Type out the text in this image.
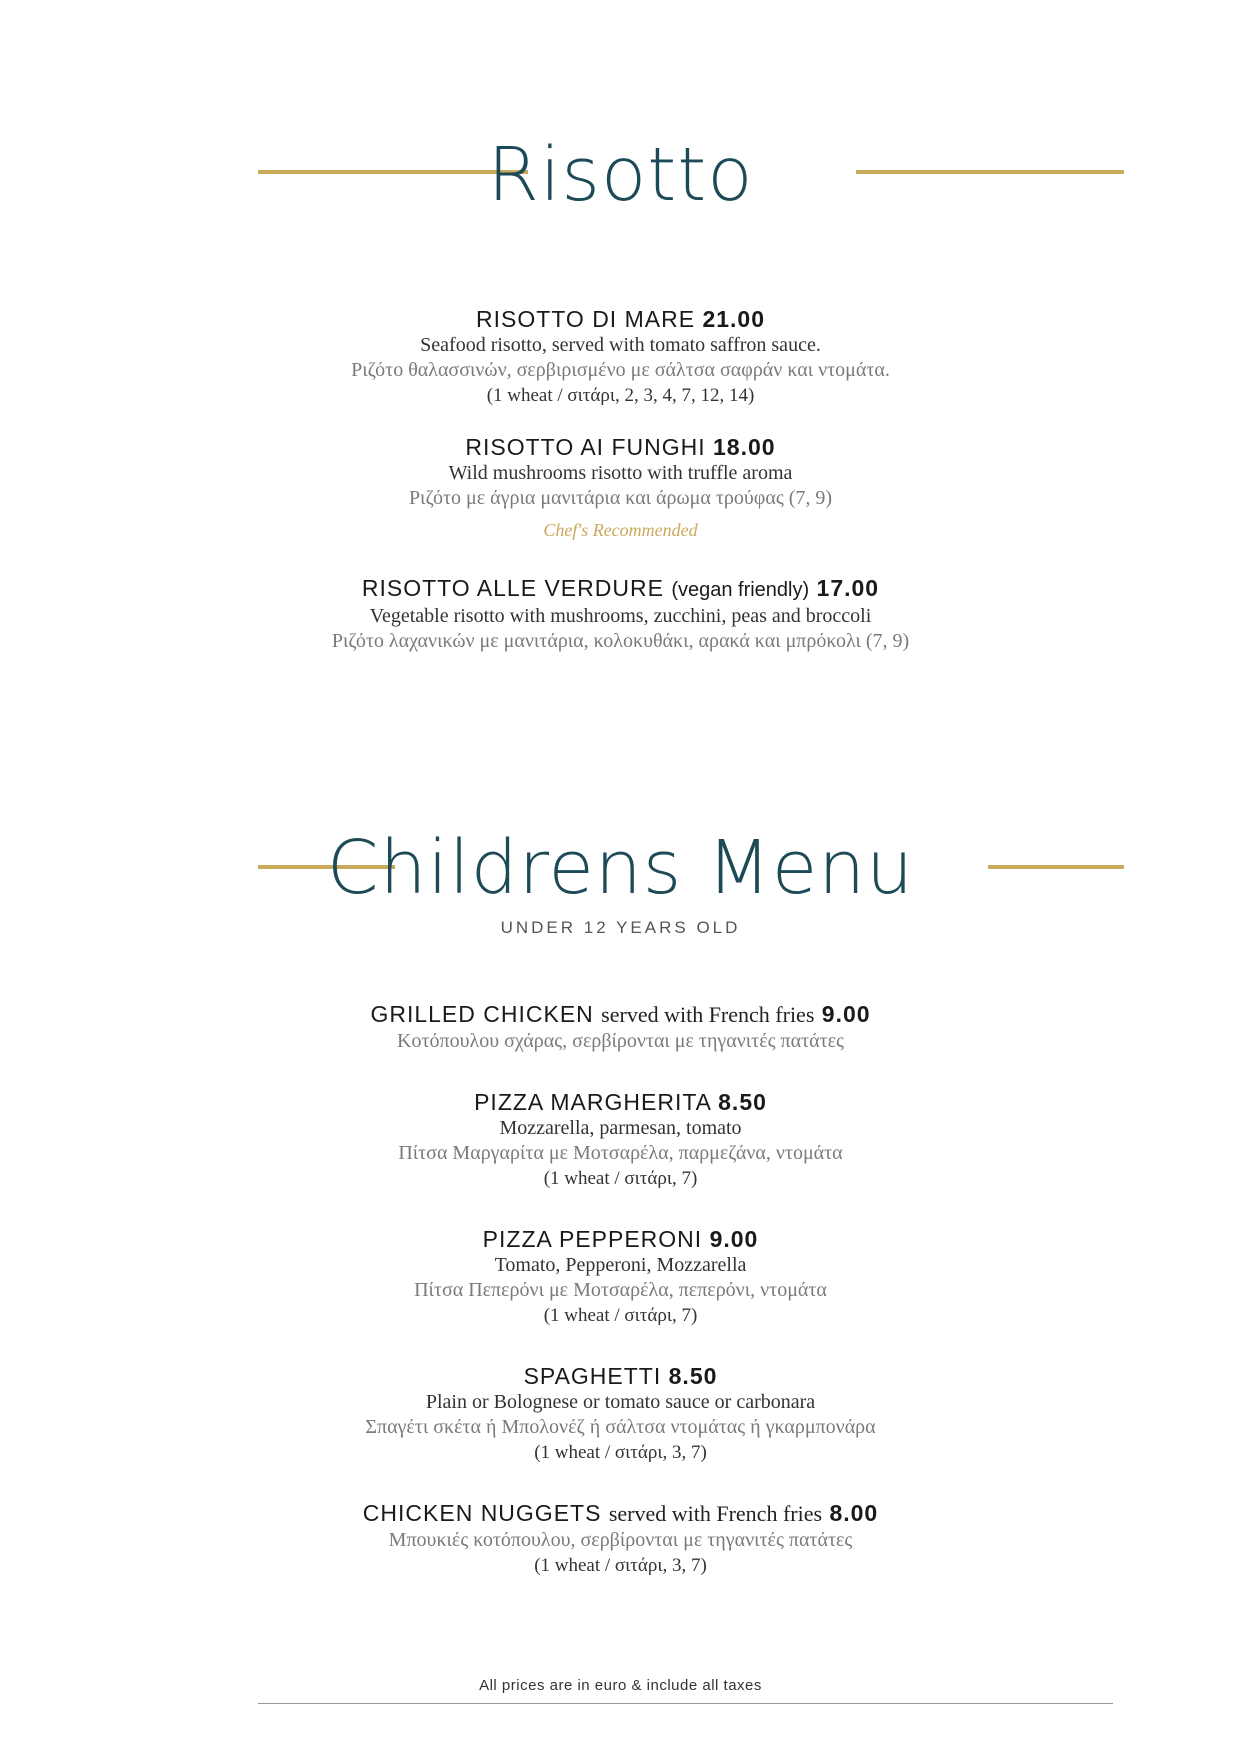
Risotto
RISOTTO DI MARE 21.00
Seafood risotto, served with tomato saffron sauce.
Ριζότο θαλασσινών, σερβιρισμένο με σάλτσα σαφράν και ντομάτα.
(1 wheat / σιτάρι, 2, 3, 4, 7, 12, 14)
RISOTTO AI FUNGHI 18.00
Wild mushrooms risotto with truffle aroma
Ριζότο με άγρια μανιτάρια και άρωμα τρούφας (7, 9)
Chef's Recommended
RISOTTO ALLE VERDURE (vegan friendly) 17.00
Vegetable risotto with mushrooms, zucchini, peas and broccoli
Ριζότο λαχανικών με μανιτάρια, κολοκυθάκι, αρακά και μπρόκολι (7, 9)
Childrens Menu
UNDER 12 YEARS OLD
GRILLED CHICKEN served with French fries 9.00
Κοτόπουλου σχάρας, σερβίρονται με τηγανιτές πατάτες
PIZZA MARGHERITA 8.50
Mozzarella, parmesan, tomato
Πίτσα Μαργαρίτα με Μοτσαρέλα, παρμεζάνα, ντομάτα
(1 wheat / σιτάρι, 7)
PIZZA PEPPERONI 9.00
Tomato, Pepperoni, Mozzarella
Πίτσα Πεπερόνι με Μοτσαρέλα, πεπερόνι, ντομάτα
(1 wheat / σιτάρι, 7)
SPAGHETTI 8.50
Plain or Bolognese or tomato sauce or carbonara
Σπαγέτι σκέτα ή Μπολονέζ ή σάλτσα ντομάτας ή γκαρμπονάρα
(1 wheat / σιτάρι, 3, 7)
CHICKEN NUGGETS served with French fries 8.00
Μπουκιές κοτόπουλου, σερβίρονται με τηγανιτές πατάτες
(1 wheat / σιτάρι, 3, 7)
All prices are in euro & include all taxes
